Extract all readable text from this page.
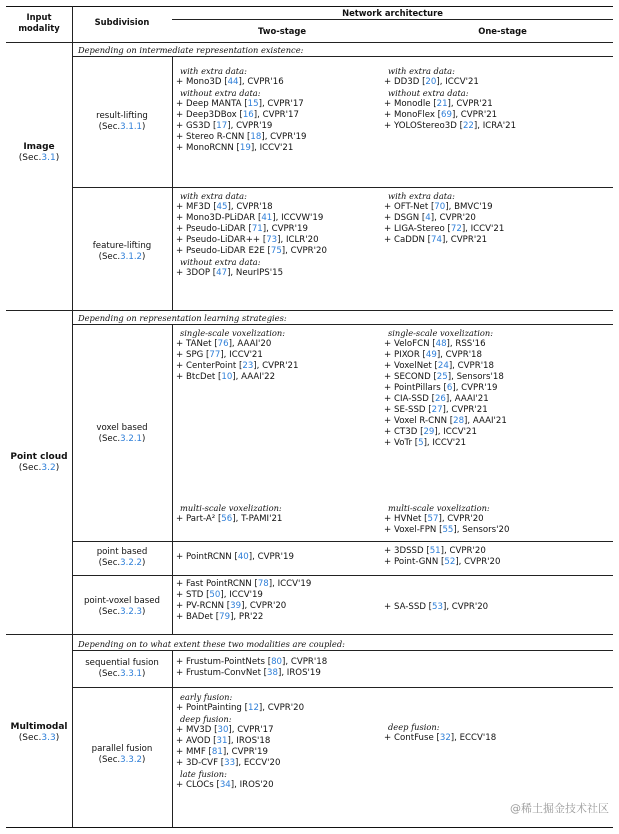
Input
modality
Subdivision
Network architecture
Two-stage	One-stage
Image
(Sec.3.1)
Point cloud
(Sec.3.2)
Multimodal
(Sec.3.3)
Depending on intermediate representation existence:
Depending on representation learning strategies:
Depending on to what extent these two modalities are coupled:
result-lifting
(Sec.3.1.1)
feature-lifting
(Sec.3.1.2)
voxel based
(Sec.3.2.1)
point based
(Sec.3.2.2)
point-voxel based
(Sec.3.2.3)
sequential fusion
(Sec.3.3.1)
parallel fusion
(Sec.3.3.2)
with extra data:
+ Mono3D [44], CVPR'16
without extra data:
+ Deep MANTA [15], CVPR'17
+ Deep3DBox [16], CVPR'17
+ GS3D [17], CVPR'19
+ Stereo R-CNN [18], CVPR'19
+ MonoRCNN [19], ICCV'21
with extra data:
+ DD3D [20], ICCV'21
without extra data:
+ Monodle [21], CVPR'21
+ MonoFlex [69], CVPR'21
+ YOLOStereo3D [22], ICRA'21
with extra data:
+ MF3D [45], CVPR'18
+ Mono3D-PLiDAR [41], ICCVW'19
+ Pseudo-LiDAR [71], CVPR'19
+ Pseudo-LiDAR++ [73], ICLR'20
+ Pseudo-LiDAR E2E [75], CVPR'20
without extra data:
+ 3DOP [47], NeurIPS'15
with extra data:
+ OFT-Net [70], BMVC'19
+ DSGN [4], CVPR'20
+ LIGA-Stereo [72], ICCV'21
+ CaDDN [74], CVPR'21
single-scale voxelization:
+ TANet [76], AAAI'20
+ SPG [77], ICCV'21
+ CenterPoint [23], CVPR'21
+ BtcDet [10], AAAI'22
multi-scale voxelization:
+ Part-A² [56], T-PAMI'21
single-scale voxelization:
+ VeloFCN [48], RSS'16
+ PIXOR [49], CVPR'18
+ VoxelNet [24], CVPR'18
+ SECOND [25], Sensors'18
+ PointPillars [6], CVPR'19
+ CIA-SSD [26], AAAI'21
+ SE-SSD [27], CVPR'21
+ Voxel R-CNN [28], AAAI'21
+ CT3D [29], ICCV'21
+ VoTr [5], ICCV'21
multi-scale voxelization:
+ HVNet [57], CVPR'20
+ Voxel-FPN [55], Sensors'20
+ PointRCNN [40], CVPR'19
+ 3DSSD [51], CVPR'20
+ Point-GNN [52], CVPR'20
+ Fast PointRCNN [78], ICCV'19
+ STD [50], ICCV'19
+ PV-RCNN [39], CVPR'20
+ BADet [79], PR'22
+ SA-SSD [53], CVPR'20
+ Frustum-PointNets [80], CVPR'18
+ Frustum-ConvNet [38], IROS'19
early fusion:
+ PointPainting [12], CVPR'20
deep fusion:
+ MV3D [30], CVPR'17
+ AVOD [31], IROS'18
+ MMF [81], CVPR'19
+ 3D-CVF [33], ECCV'20
late fusion:
+ CLOCs [34], IROS'20
deep fusion:
+ ContFuse [32], ECCV'18
@稀土掘金技术社区
